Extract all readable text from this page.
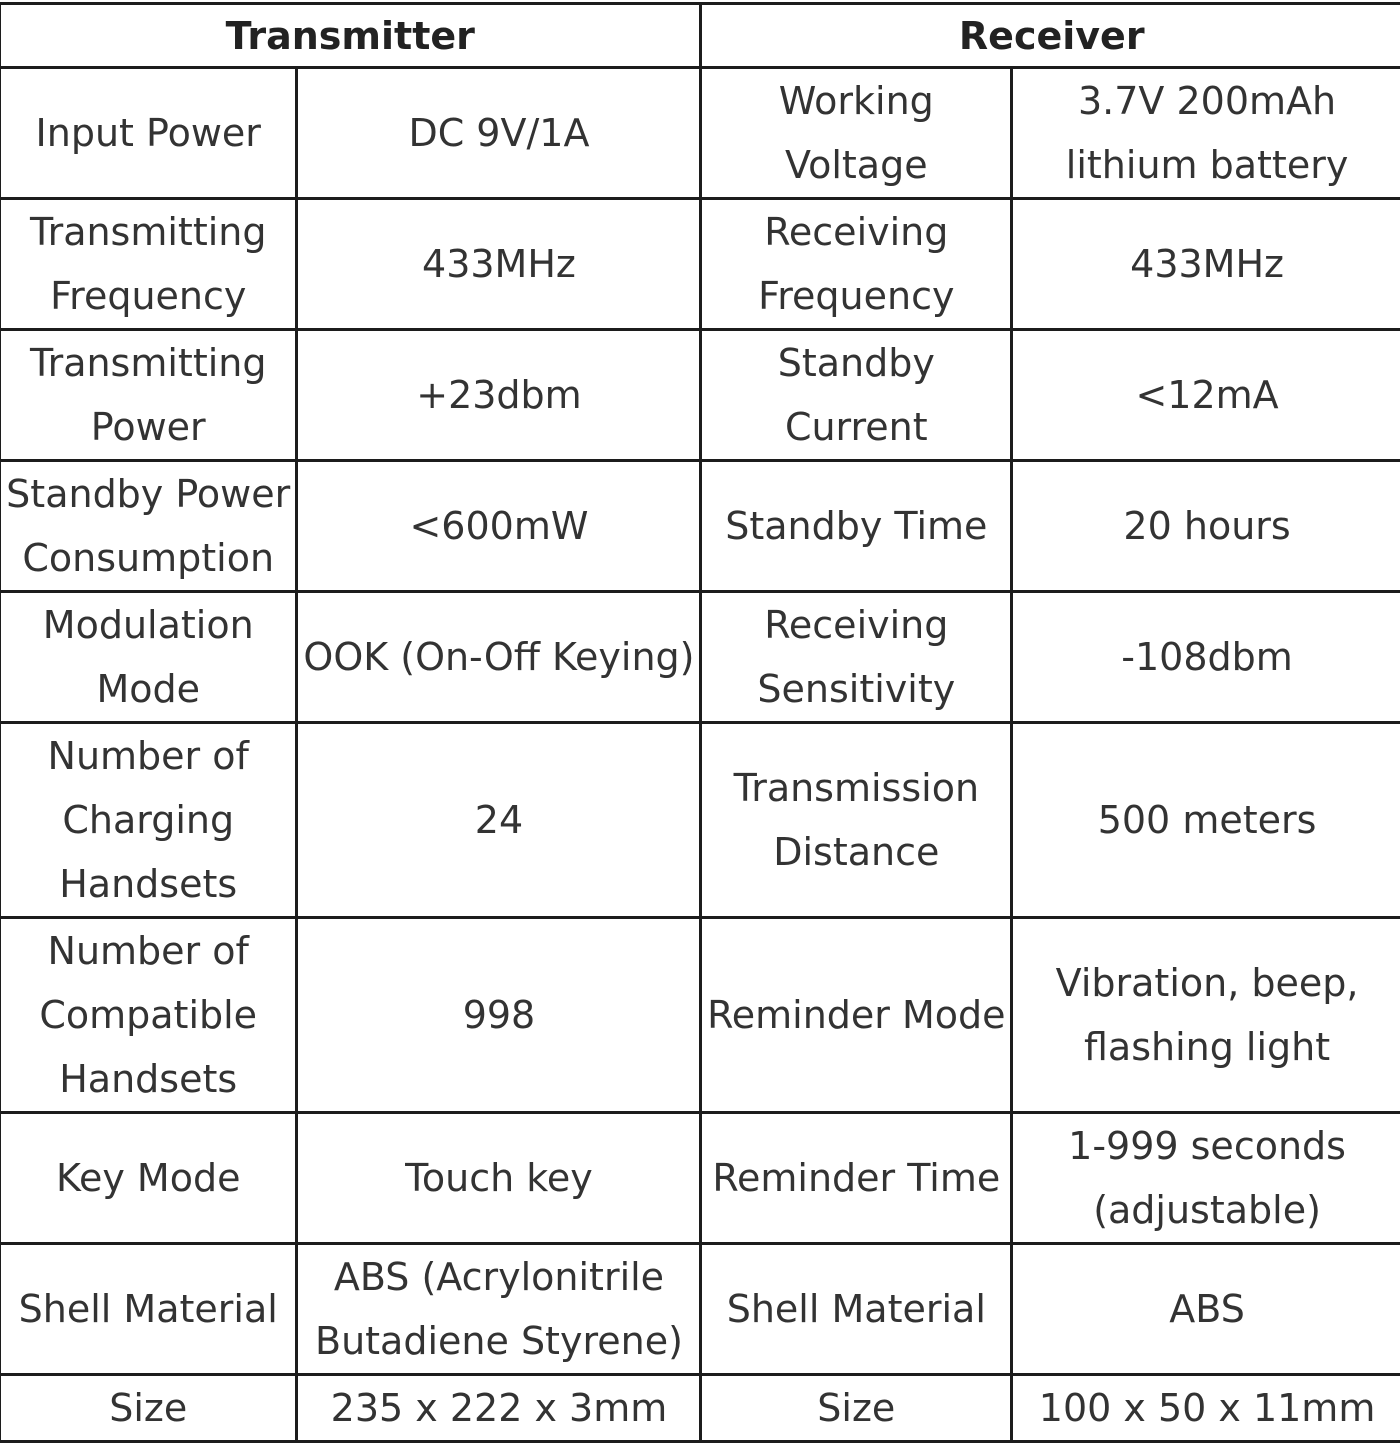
Transmitter		Receiver	
Input Power	DC 9V/1A	Working Voltage	3.7V 200mAh lithium battery
Transmitting Frequency	433MHz	Receiving Frequency	433MHz
Transmitting Power	+23dbm	Standby Current	<12mA
Standby Power Consumption	<600mW	Standby Time	20 hours
Modulation Mode	OOK (On-Off Keying)	Receiving Sensitivity	-108dbm
Number of Charging Handsets	24	Transmission Distance	500 meters
Number of Compatible Handsets	998	Reminder Mode	Vibration, beep, flashing light
Key Mode	Touch key	Reminder Time	1-999 seconds (adjustable)
Shell Material	ABS (Acrylonitrile Butadiene Styrene)	Shell Material	ABS
Size	235 x 222 x 3mm	Size	100 x 50 x 11mm
